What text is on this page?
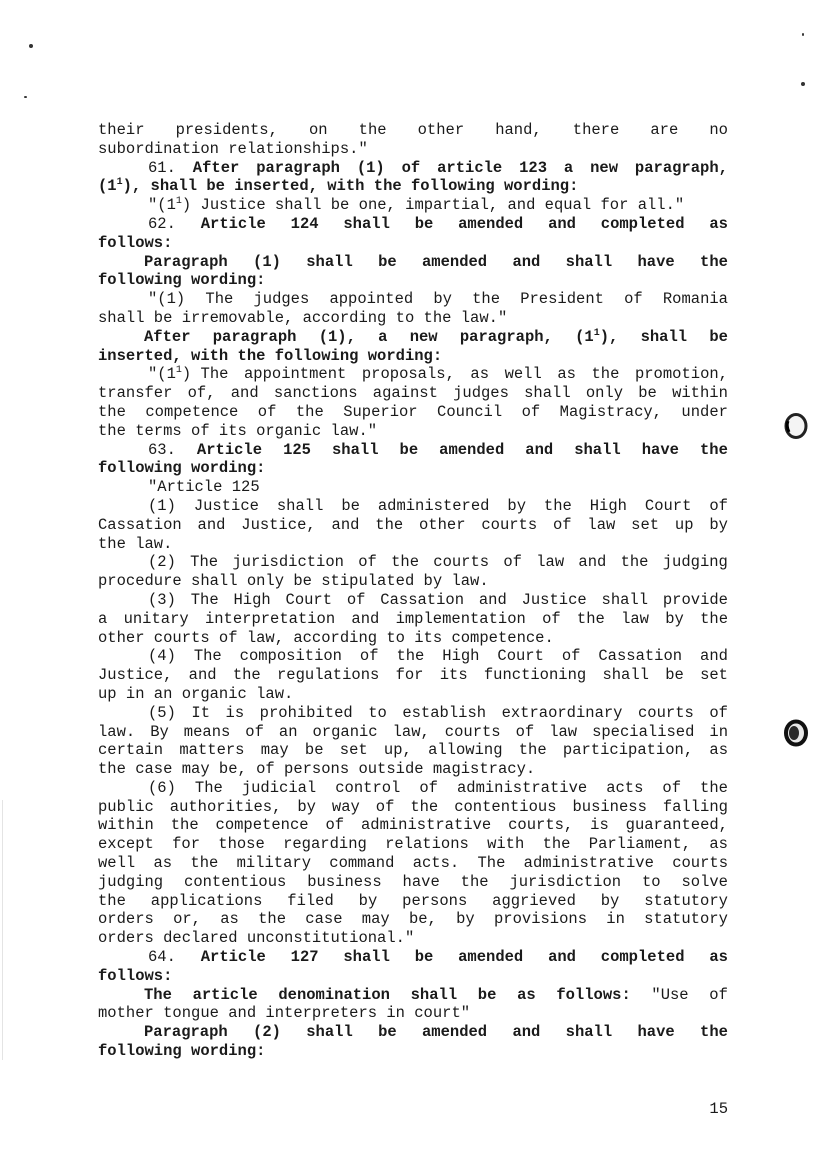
their presidents, on the other hand, there are no
subordination relationships."
61. After paragraph (1) of article 123 a new paragraph,
$(1^1)$, shall be inserted, with the following wording:
"$(1^1)$ Justice shall be one, impartial, and equal for all."
62. Article 124 shall be amended and completed as
follows:
Paragraph (1) shall be amended and shall have the
following wording:
"(1) The judges appointed by the President of Romania
shall be irremovable, according to the law."
After paragraph (1), a new paragraph, $(1^1)$, shall be
inserted, with the following wording:
"$(1^1)$ The appointment proposals, as well as the promotion,
transfer of, and sanctions against judges shall only be within
the competence of the Superior Council of Magistracy, under
the terms of its organic law."
63. Article 125 shall be amended and shall have the
following wording:
"Article 125
(1) Justice shall be administered by the High Court of
Cassation and Justice, and the other courts of law set up by
the law.
(2) The jurisdiction of the courts of law and the judging
procedure shall only be stipulated by law.
(3) The High Court of Cassation and Justice shall provide
a unitary interpretation and implementation of the law by the
other courts of law, according to its competence.
(4) The composition of the High Court of Cassation and
Justice, and the regulations for its functioning shall be set
up in an organic law.
(5) It is prohibited to establish extraordinary courts of
law. By means of an organic law, courts of law specialised in
certain matters may be set up, allowing the participation, as
the case may be, of persons outside magistracy.
(6) The judicial control of administrative acts of the
public authorities, by way of the contentious business falling
within the competence of administrative courts, is guaranteed,
except for those regarding relations with the Parliament, as
well as the military command acts. The administrative courts
judging contentious business have the jurisdiction to solve
the applications filed by persons aggrieved by statutory
orders or, as the case may be, by provisions in statutory
orders declared unconstitutional."
64. Article 127 shall be amended and completed as
follows:
The article denomination shall be as follows: "Use of
mother tongue and interpreters in court"
Paragraph (2) shall be amended and shall have the
following wording:
15
